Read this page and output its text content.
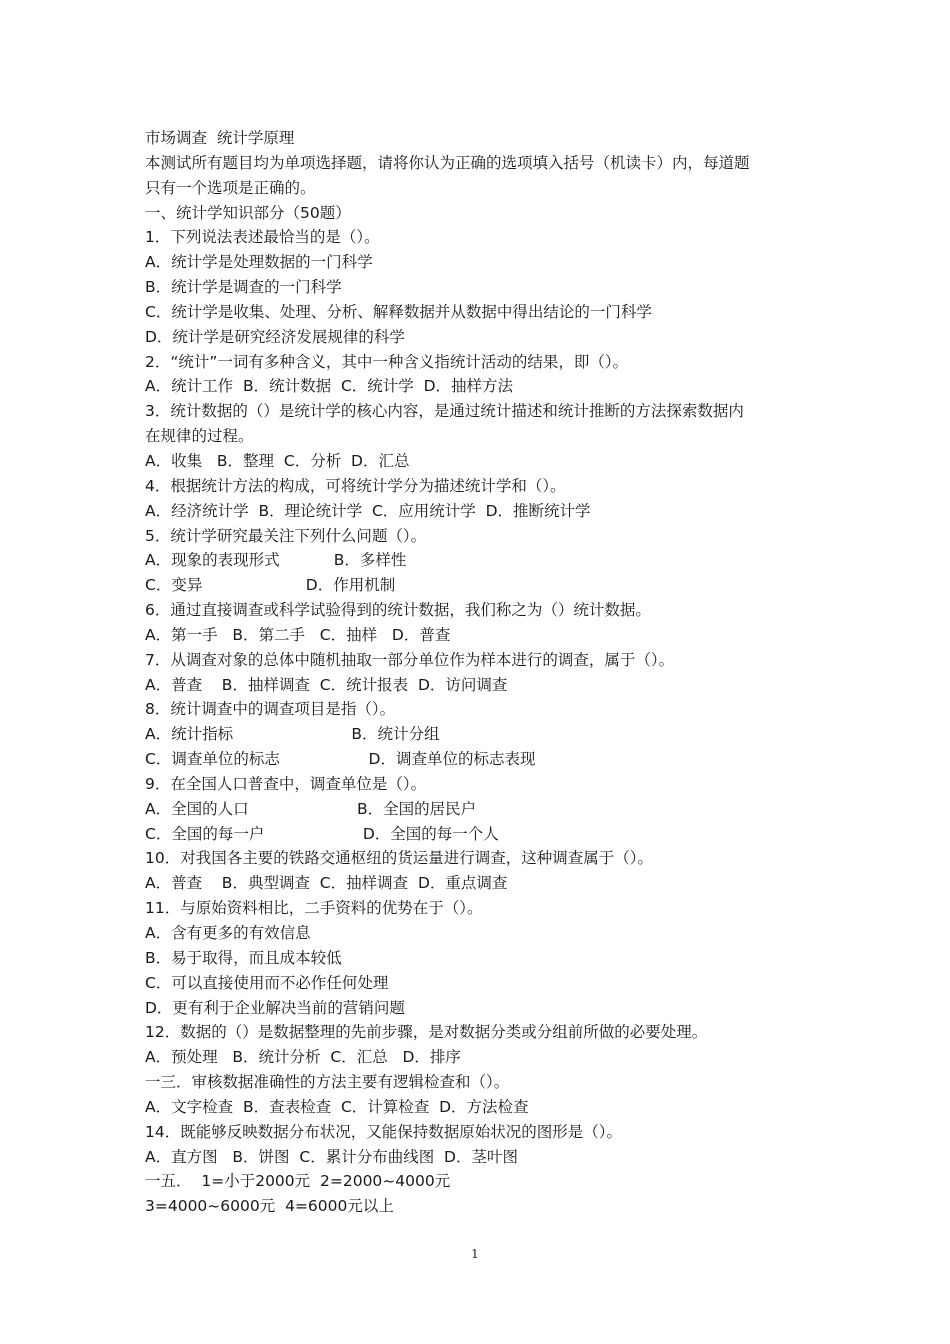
市场调查  统计学原理
本测试所有题目均为单项选择题，请将你认为正确的选项填入括号（机读卡）内，每道题
只有一个选项是正确的。
一、统计学知识部分（50题）
1．下列说法表述最恰当的是（）。
A．统计学是处理数据的一门科学
B．统计学是调查的一门科学
C．统计学是收集、处理、分析、解释数据并从数据中得出结论的一门科学
D．统计学是研究经济发展规律的科学
2．“统计”一词有多种含义，其中一种含义指统计活动的结果，即（）。
A．统计工作  B．统计数据  C．统计学  D．抽样方法
3．统计数据的（）是统计学的核心内容，是通过统计描述和统计推断的方法探索数据内
在规律的过程。
A．收集   B．整理  C．分析  D．汇总
4．根据统计方法的构成，可将统计学分为描述统计学和（）。
A．经济统计学  B．理论统计学  C．应用统计学  D．推断统计学
5．统计学研究最关注下列什么问题（）。
A．现象的表现形式           B．多样性
C．变异                     D．作用机制
6．通过直接调查或科学试验得到的统计数据，我们称之为（）统计数据。
A．第一手   B．第二手   C．抽样   D．普查
7．从调查对象的总体中随机抽取一部分单位作为样本进行的调查，属于（）。
A．普查    B．抽样调查  C．统计报表  D．访问调查
8．统计调查中的调查项目是指（）。
A．统计指标                        B．统计分组
C．调查单位的标志                  D．调查单位的标志表现
9．在全国人口普查中，调查单位是（）。
A．全国的人口                      B．全国的居民户
C．全国的每一户                    D．全国的每一个人
10．对我国各主要的铁路交通枢纽的货运量进行调查，这种调查属于（）。
A．普查    B．典型调查  C．抽样调查  D．重点调查
11．与原始资料相比，二手资料的优势在于（）。
A．含有更多的有效信息
B．易于取得，而且成本较低
C．可以直接使用而不必作任何处理
D．更有利于企业解决当前的营销问题
12．数据的（）是数据整理的先前步骤，是对数据分类或分组前所做的必要处理。
A．预处理   B．统计分析  C．汇总   D．排序
一三．审核数据准确性的方法主要有逻辑检查和（）。
A．文字检查  B．查表检查  C．计算检查  D．方法检查
14．既能够反映数据分布状况，又能保持数据原始状况的图形是（）。
A．直方图   B．饼图  C．累计分布曲线图  D．茎叶图
一五．  1=小于2000元  2=2000~4000元
3=4000~6000元  4=6000元以上
1
